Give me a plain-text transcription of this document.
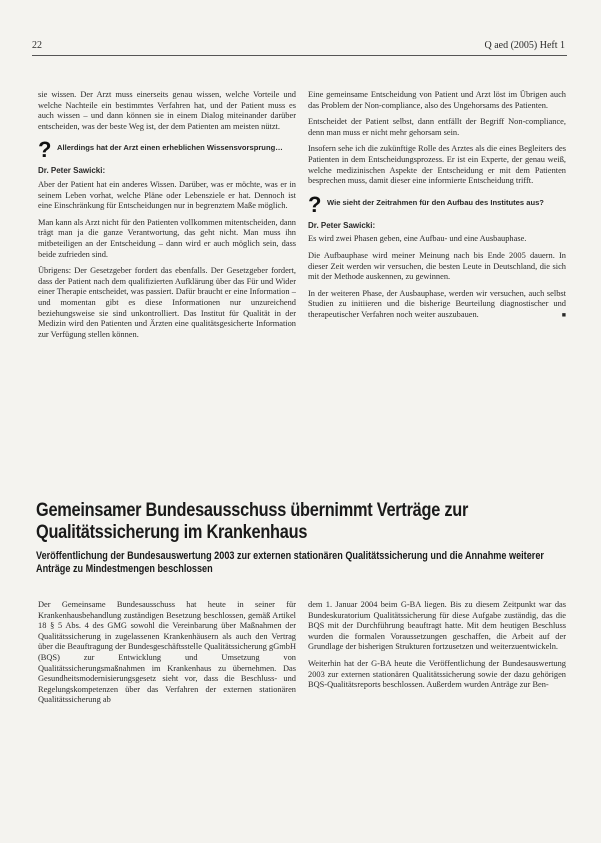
22	Q aed (2005) Heft 1

sie wissen. Der Arzt muss einerseits genau wissen, welche Vorteile und welche Nachteile ein bestimmtes Verfahren hat, und der Patient muss es auch wissen – und dann können sie in einem Dialog miteinander darüber entscheiden, was der beste Weg ist, der dem Patienten am meisten nützt.

? Allerdings hat der Arzt einen erheblichen Wissensvorsprung…
Dr. Peter Sawicki:

Aber der Patient hat ein anderes Wissen. Darüber, was er möchte, was er in seinem Leben vorhat, welche Pläne oder Lebensziele er hat. Dennoch ist eine Einschränkung für Entscheidungen nur in begrenztem Maße möglich.

Man kann als Arzt nicht für den Patienten vollkommen mitentscheiden, dann trägt man ja die ganze Verantwortung, das geht nicht. Man muss ihn mitbeteiligen an der Entscheidung – dann wird er auch möglich sein, dass beide zufrieden sind.

Übrigens: Der Gesetzgeber fordert das ebenfalls. Der Gesetzgeber fordert, dass der Patient nach dem qualifizierten Aufklärung über das Für und Wider einer Therapie entscheidet, was passiert. Dafür braucht er eine Information – und momentan gibt es diese Informationen nur unzureichend beziehungsweise sie sind unkontrolliert. Das Institut für Qualität in der Medizin wird den Patienten und Ärzten eine qualitätsgesicherte Information zur Verfügung stellen können.

Eine gemeinsame Entscheidung von Patient und Arzt löst im Übrigen auch das Problem der Non-compliance, also des Ungehorsams des Patienten.

Entscheidet der Patient selbst, dann entfällt der Begriff Non-compliance, denn man muss er nicht mehr gehorsam sein.

Insofern sehe ich die zukünftige Rolle des Arztes als die eines Begleiters des Patienten in dem Entscheidungsprozess. Er ist ein Experte, der genau weiß, welche medizinischen Aspekte der Entscheidung er mit dem Patienten besprechen muss, damit dieser eine informierte Entscheidung trifft.

? Wie sieht der Zeitrahmen für den Aufbau des Institutes aus?
Dr. Peter Sawicki:

Es wird zwei Phasen geben, eine Aufbau- und eine Ausbauphase.

Die Aufbauphase wird meiner Meinung nach bis Ende 2005 dauern. In dieser Zeit werden wir versuchen, die besten Leute in Deutschland, die sich mit der Methode auskennen, zu gewinnen.

In der weiteren Phase, der Ausbauphase, werden wir versuchen, auch selbst Studien zu initiieren und die bisherige Beurteilung diagnostischer und therapeutischer Verfahren noch weiter auszubauen.	■

Gemeinsamer Bundesausschuss übernimmt Verträge zur Qualitätssicherung im Krankenhaus
Veröffentlichung der Bundesauswertung 2003 zur externen stationären Qualitätssicherung und die Annahme weiterer Anträge zu Mindestmengen beschlossen

Der Gemeinsame Bundesausschuss hat heute in seiner für Krankenhausbehandlung zuständigen Besetzung beschlossen, gemäß Artikel 18 § 5 Abs. 4 des GMG sowohl die Vereinbarung über Maßnahmen der Qualitätssicherung in zugelassenen Krankenhäusern als auch den Vertrag über die Beauftragung der Bundesgeschäftsstelle Qualitätssicherung gGmbH (BQS) zur Entwicklung und Umsetzung von Qualitätssicherungsmaßnahmen im Krankenhaus zu übernehmen. Das Gesundheitsmodernisierungsgesetz sieht vor, dass die Beschluss- und Regelungskompetenzen über das Verfahren der externen stationären Qualitätssicherung ab

dem 1. Januar 2004 beim G-BA liegen. Bis zu diesem Zeitpunkt war das Bundeskuratorium Qualitätssicherung für diese Aufgabe zuständig, das die BQS mit der Durchführung beauftragt hatte. Mit dem heutigen Beschluss wurden die formalen Voraussetzungen geschaffen, die Arbeit auf der Grundlage der bisherigen Strukturen fortzusetzen und weiterzuentwickeln.

Weiterhin hat der G-BA heute die Veröffentlichung der Bundesauswertung 2003 zur externen stationären Qualitätssicherung sowie der dazu gehörigen BQS-Qualitätsreports beschlossen. Außerdem wurden Anträge zur Ben-
